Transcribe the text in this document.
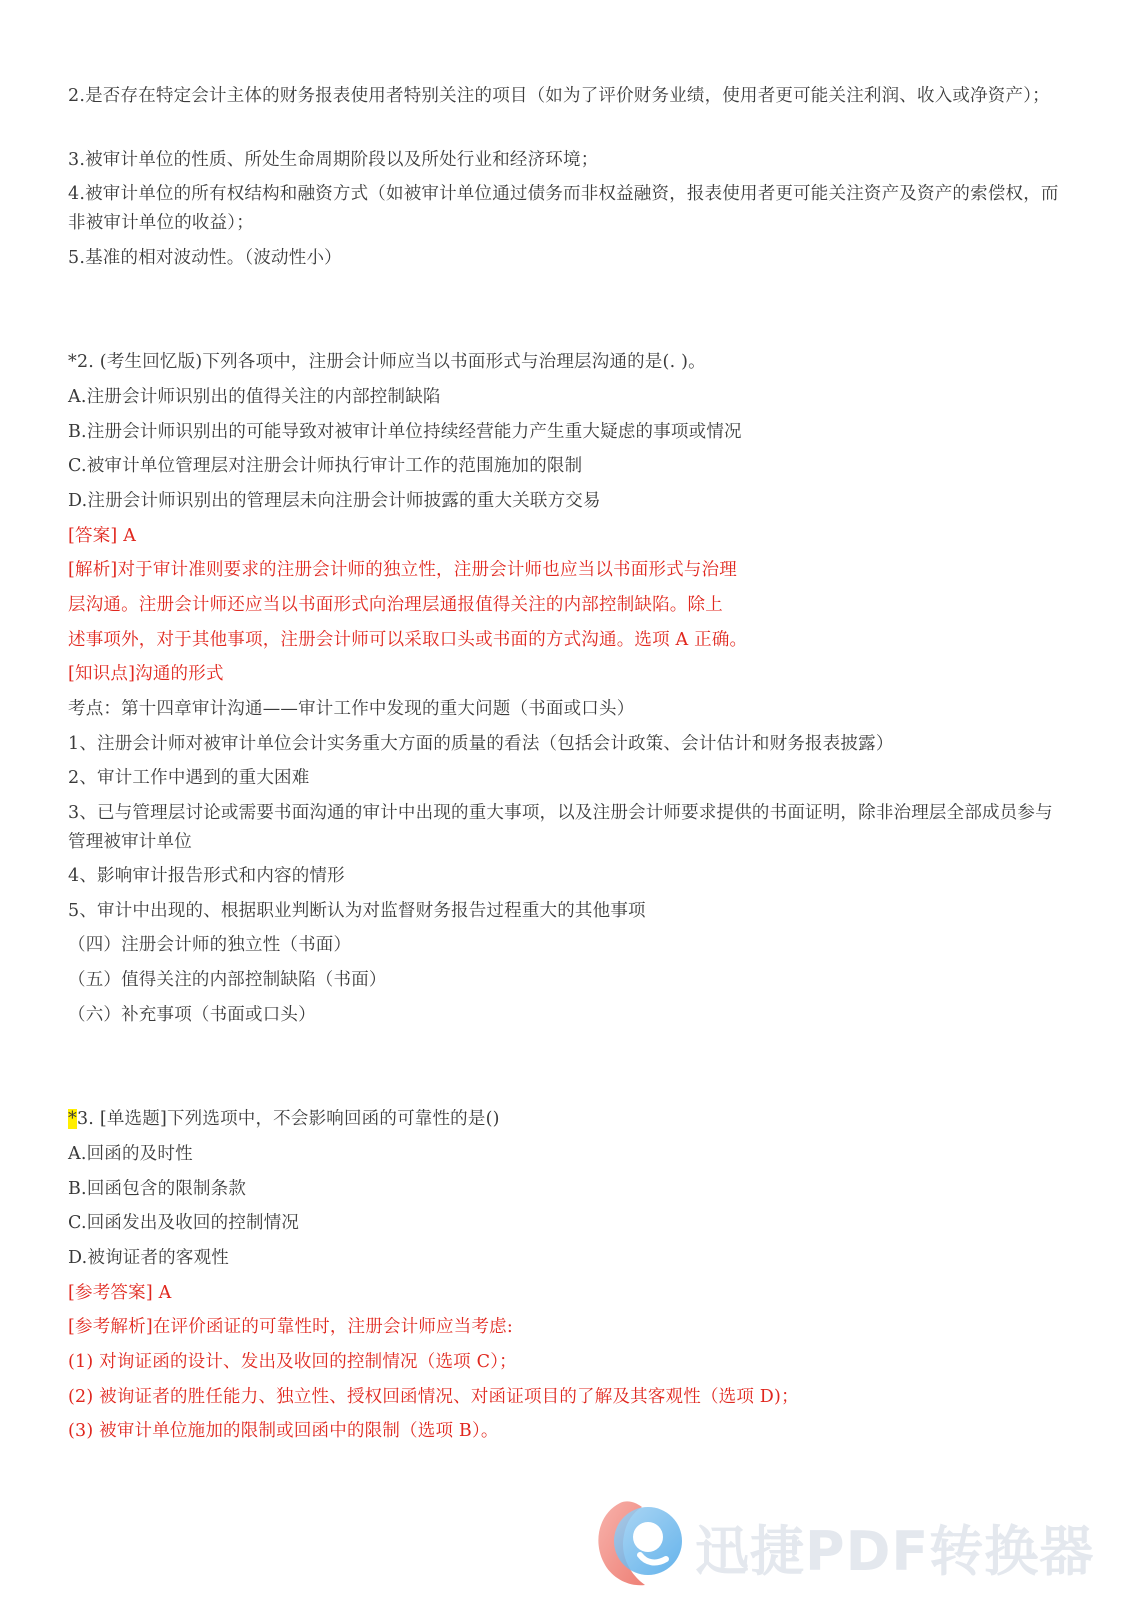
2.是否存在特定会计主体的财务报表使用者特别关注的项目（如为了评价财务业绩，使用者更可能关注利润、收入或净资产）；
3.被审计单位的性质、所处生命周期阶段以及所处行业和经济环境；
4.被审计单位的所有权结构和融资方式（如被审计单位通过债务而非权益融资，报表使用者更可能关注资产及资产的索偿权，而非被审计单位的收益）；
5.基准的相对波动性。（波动性小）
*2. (考生回忆版)下列各项中，注册会计师应当以书面形式与治理层沟通的是(. )。
A.注册会计师识别出的值得关注的内部控制缺陷
B.注册会计师识别出的可能导致对被审计单位持续经营能力产生重大疑虑的事项或情况
C.被审计单位管理层对注册会计师执行审计工作的范围施加的限制
D.注册会计师识别出的管理层未向注册会计师披露的重大关联方交易
[答案] A
[解析]对于审计准则要求的注册会计师的独立性，注册会计师也应当以书面形式与治理
层沟通。注册会计师还应当以书面形式向治理层通报值得关注的内部控制缺陷。除上
述事项外，对于其他事项，注册会计师可以采取口头或书面的方式沟通。选项 A 正确。
[知识点]沟通的形式
考点：第十四章审计沟通——审计工作中发现的重大问题（书面或口头）
1、注册会计师对被审计单位会计实务重大方面的质量的看法（包括会计政策、会计估计和财务报表披露）
2、审计工作中遇到的重大困难
3、已与管理层讨论或需要书面沟通的审计中出现的重大事项，以及注册会计师要求提供的书面证明，除非治理层全部成员参与管理被审计单位
4、影响审计报告形式和内容的情形
5、审计中出现的、根据职业判断认为对监督财务报告过程重大的其他事项
（四）注册会计师的独立性（书面）
（五）值得关注的内部控制缺陷（书面）
（六）补充事项（书面或口头）
*3. [单选题]下列选项中，不会影响回函的可靠性的是()
A.回函的及时性
B.回函包含的限制条款
C.回函发出及收回的控制情况
D.被询证者的客观性
[参考答案] A
[参考解析]在评价函证的可靠性时，注册会计师应当考虑:
(1) 对询证函的设计、发出及收回的控制情况（选项 C）；
(2) 被询证者的胜任能力、独立性、授权回函情况、对函证项目的了解及其客观性（选项 D)；
(3) 被审计单位施加的限制或回函中的限制（选项 B）。
迅捷PDF转换器
